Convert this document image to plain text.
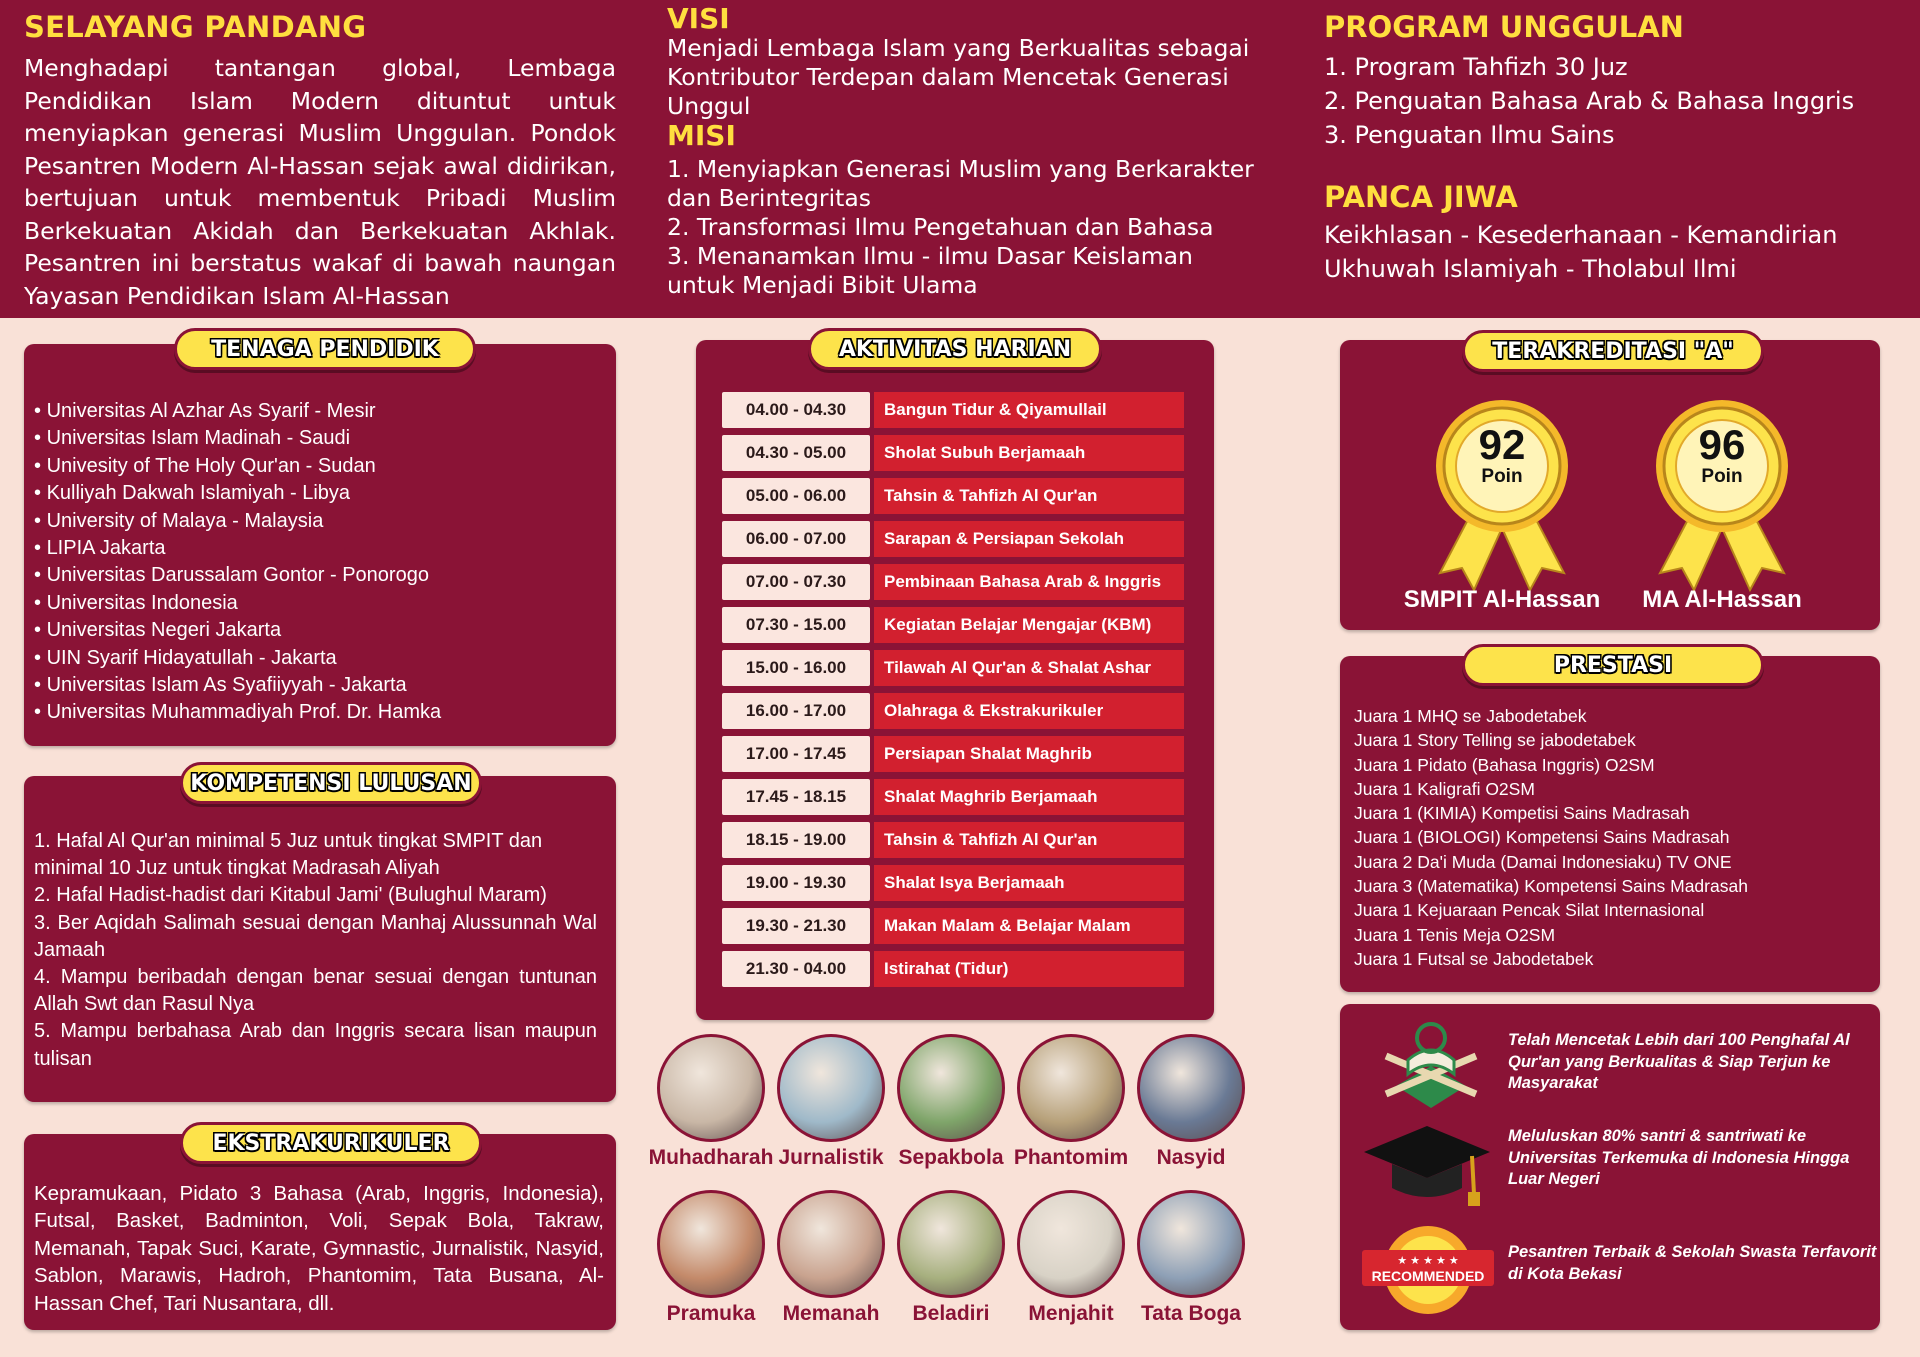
SELAYANG PANDANG

Menghadapi tantangan global, Lembaga Pendidikan Islam Modern dituntut untuk menyiapkan generasi Muslim Unggulan. Pondok Pesantren Modern Al-Hassan sejak awal didirikan, bertujuan untuk membentuk Pribadi Muslim Berkekuatan Akidah dan Berkekuatan Akhlak. Pesantren ini berstatus wakaf di bawah naungan Yayasan Pendidikan Islam Al-Hassan

VISI
Menjadi Lembaga Islam yang Berkualitas sebagai Kontributor Terdepan dalam Mencetak Generasi Unggul
MISI
1. Menyiapkan Generasi Muslim yang Berkarakter dan Berintegritas
2. Transformasi Ilmu Pengetahuan dan Bahasa
3. Menanamkan Ilmu - ilmu Dasar Keislaman untuk Menjadi Bibit Ulama
PROGRAM UNGGULAN
1. Program Tahfizh 30 Juz
2. Penguatan Bahasa Arab & Bahasa Inggris
3. Penguatan Ilmu Sains
PANCA JIWA
Keikhlasan - Kesederhanaan - Kemandirian
Ukhuwah Islamiyah - Tholabul Ilmi
• Universitas Al Azhar As Syarif - Mesir
• Universitas Islam Madinah - Saudi
• Univesity of The Holy Qur'an - Sudan
• Kulliyah Dakwah Islamiyah - Libya
• University of Malaya - Malaysia
• LIPIA Jakarta
• Universitas Darussalam Gontor - Ponorogo
• Universitas Indonesia
• Universitas Negeri Jakarta
• UIN Syarif Hidayatullah - Jakarta
• Universitas Islam As Syafiiyyah - Jakarta
• Universitas Muhammadiyah Prof. Dr. Hamka
TENAGA PENDIDIK

1. Hafal Al Qur'an minimal 5 Juz untuk tingkat SMPIT dan minimal 10 Juz untuk tingkat Madrasah Aliyah

2. Hafal Hadist-hadist dari Kitabul Jami' (Bulughul Maram)

3. Ber Aqidah Salimah sesuai dengan Manhaj Alussunnah Wal Jamaah

4. Mampu beribadah dengan benar sesuai dengan tuntunan Allah Swt dan Rasul Nya

5. Mampu berbahasa Arab dan Inggris secara lisan maupun tulisan

KOMPETENSI LULUSAN

Kepramukaan, Pidato 3 Bahasa (Arab, Inggris, Indonesia), Futsal, Basket, Badminton, Voli, Sepak Bola, Takraw, Memanah, Tapak Suci, Karate, Gymnastic, Jurnalistik, Nasyid, Sablon, Marawis, Hadroh, Phantomim, Tata Busana, Al-Hassan Chef, Tari Nusantara, dll.

EKSTRAKURIKULER
04.00 - 04.30	Bangun Tidur & Qiyamullail
04.30 - 05.00	Sholat Subuh Berjamaah
05.00 - 06.00	Tahsin & Tahfizh Al Qur'an
06.00 - 07.00	Sarapan & Persiapan Sekolah
07.00 - 07.30	Pembinaan Bahasa Arab & Inggris
07.30 - 15.00	Kegiatan Belajar Mengajar (KBM)
15.00 - 16.00	Tilawah Al Qur'an & Shalat Ashar
16.00 - 17.00	Olahraga & Ekstrakurikuler
17.00 - 17.45	Persiapan Shalat Maghrib
17.45 - 18.15	Shalat Maghrib Berjamaah
18.15 - 19.00	Tahsin & Tahfizh Al Qur'an
19.00 - 19.30	Shalat Isya Berjamaah
19.30 - 21.30	Makan Malam & Belajar Malam
21.30 - 04.00	Istirahat (Tidur)
AKTIVITAS HARIAN
Muhadharah Jurnalistik Sepakbola Phantomim	Nasyid
Pramuka	Memanah	Beladiri	Menjahit	Tata Boga
92
Poin
96
Poin
SMPIT Al-Hassan	MA Al-Hassan
TERAKREDITASI "A"
Juara 1 MHQ se Jabodetabek
Juara 1 Story Telling se jabodetabek
Juara 1 Pidato (Bahasa Inggris) O2SM
Juara 1 Kaligrafi O2SM
Juara 1 (KIMIA) Kompetisi Sains Madrasah
Juara 1 (BIOLOGI) Kompetensi Sains Madrasah
Juara 2 Da'i Muda (Damai Indonesiaku) TV ONE
Juara 3 (Matematika) Kompetensi Sains Madrasah
Juara 1 Kejuaraan Pencak Silat Internasional
Juara 1 Tenis Meja O2SM
Juara 1 Futsal se Jabodetabek
PRESTASI
★ ★ ★ ★ ★
RECOMMENDED
Telah Mencetak Lebih dari 100 Penghafal Al Qur'an yang Berkualitas & Siap Terjun ke Masyarakat
Meluluskan 80% santri & santriwati ke Universitas Terkemuka di Indonesia Hingga Luar Negeri
Pesantren Terbaik & Sekolah Swasta Terfavorit di Kota Bekasi
